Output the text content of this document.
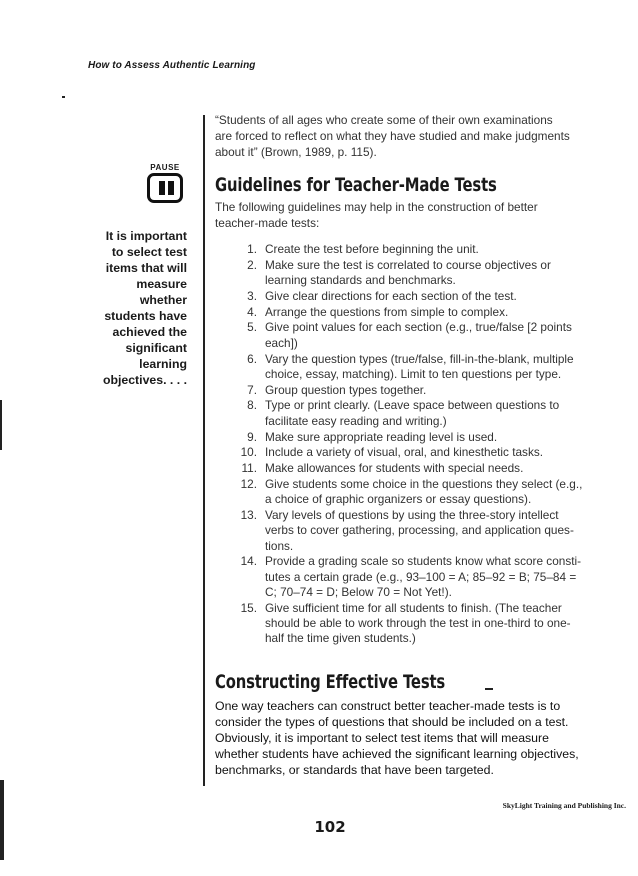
How to Assess Authentic Learning
PAUSE
It is important
to select test
items that will
measure
whether
students have
achieved the
significant
learning
objectives. . . .
“Students of all ages who create some of their own examinations
are forced to reflect on what they have studied and make judgments
about it” (Brown, 1989, p. 115).
Guidelines for Teacher-Made Tests
The following guidelines may help in the construction of better
teacher-made tests:
1. Create the test before beginning the unit.
2. Make sure the test is correlated to course objectives or
learning standards and benchmarks.
3. Give clear directions for each section of the test.
4. Arrange the questions from simple to complex.
5. Give point values for each section (e.g., true/false [2 points
each])
6. Vary the question types (true/false, fill-in-the-blank, multiple
choice, essay, matching). Limit to ten questions per type.
7. Group question types together.
8. Type or print clearly. (Leave space between questions to
facilitate easy reading and writing.)
9. Make sure appropriate reading level is used.
10. Include a variety of visual, oral, and kinesthetic tasks.
11. Make allowances for students with special needs.
12. Give students some choice in the questions they select (e.g.,
a choice of graphic organizers or essay questions).
13. Vary levels of questions by using the three-story intellect
verbs to cover gathering, processing, and application ques-
tions.
14. Provide a grading scale so students know what score consti-
tutes a certain grade (e.g., 93–100 = A; 85–92 = B; 75–84 =
C; 70–74 = D; Below 70 = Not Yet!).
15. Give sufficient time for all students to finish. (The teacher
should be able to work through the test in one-third to one-
half the time given students.)
Constructing Effective Tests
One way teachers can construct better teacher-made tests is to
consider the types of questions that should be included on a test.
Obviously, it is important to select test items that will measure
whether students have achieved the significant learning objectives,
benchmarks, or standards that have been targeted.
SkyLight Training and Publishing Inc.
102
